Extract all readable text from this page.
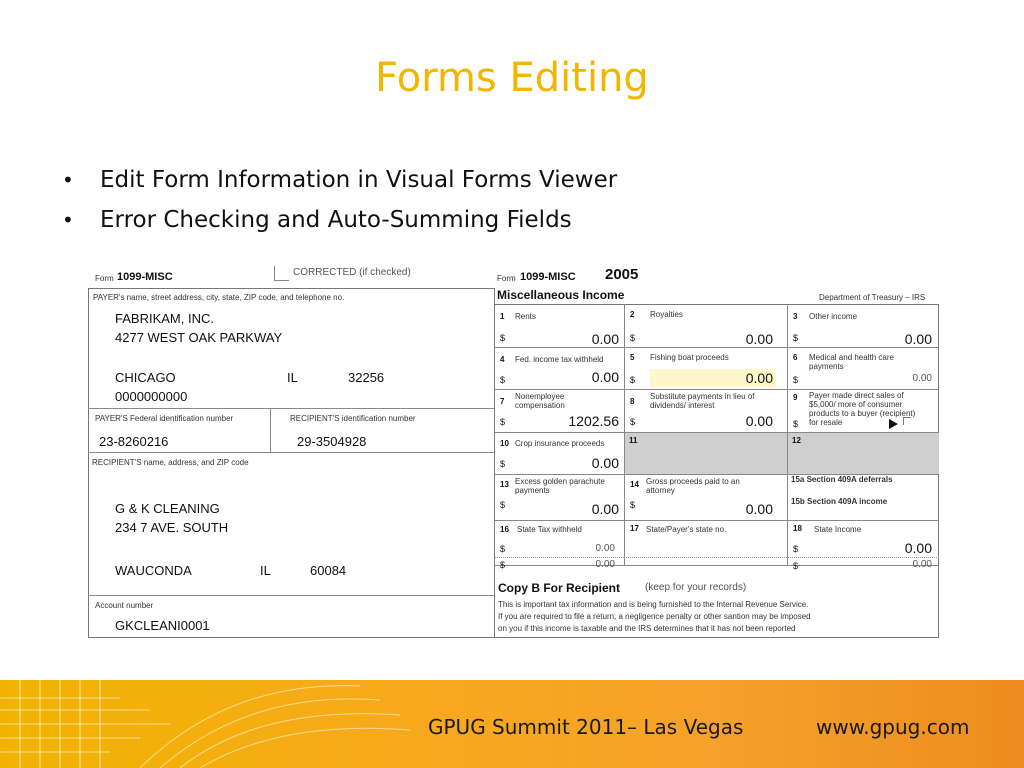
Forms Editing
•	Edit Form Information in Visual Forms Viewer
•	Error Checking and Auto-Summing Fields
Form 1099-MISC	CORRECTED (if checked)
Form 1099-MISC 2005
Miscellaneous Income	Department of Treasury – IRS
PAYER's name, street address, city, state, ZIP code, and telephone no.
FABRIKAM, INC.
4277 WEST OAK PARKWAY
CHICAGO	IL	32256
0000000000
PAYER'S Federal identification number	RECIPIENT'S identification number
23-8260216	29-3504928
RECIPIENT'S name, address, and ZIP code
G & K CLEANING
234 7 AVE. SOUTH
WAUCONDA	IL	60084
Account number
GKCLEANI0001
1 Rents
$	0.00
2 Royalties
$	0.00
3 Other income
$	0.00
4 Fed. income tax withheld
$	0.00
5 Fishing boat proceeds
$	0.00
6 Medical and health care payments
$	0.00
7
Nonemployee compensation
$	1202.56
8
Substitute payments in lieu of dividends/ interest
$	0.00
9 Payer made direct sales of $5,000/ more of consumer products to a buyer (recipient) for resale
$
10 Crop insurance proceeds
$	0.00
11	12
13 Excess golden parachute payments
$	0.00
14 Gross proceeds paid to an attorney
$	0.00
15a Section 409A deferrals
15b Section 409A income
16 State Tax withheld
$	0.00
$	0.00
17 State/Payer's state no.	18 State Income
$	0.00
$	0.00
Copy B For Recipient (keep for your records)
This is important tax information and is being furnished to the Internal Revenue Service.
If you are required to file a return, a negligence penalty or other santion may be imposed
on you if this income is taxable and the IRS determines that it has not been reported
GPUG Summit 2011– Las Vegas	www.gpug.com
